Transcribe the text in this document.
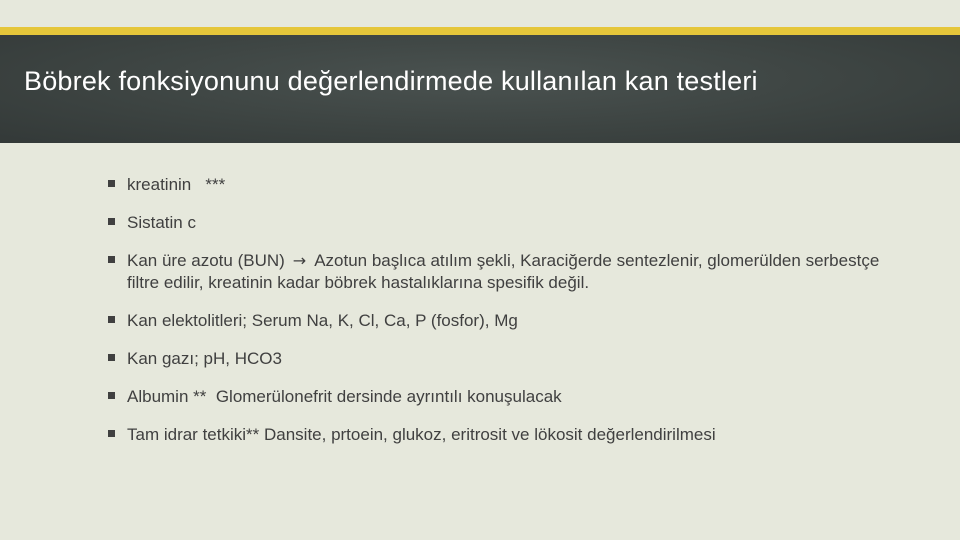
Böbrek fonksiyonunu değerlendirmede kullanılan kan testleri
kreatinin   ***
Sistatin c
Kan üre azotu (BUN) → Azotun başlıca atılım şekli, Karaciğerde sentezlenir, glomerülden serbestçe filtre edilir, kreatinin kadar böbrek hastalıklarına spesifik değil.
Kan elektolitleri; Serum Na, K, Cl, Ca, P (fosfor), Mg
Kan gazı; pH, HCO3
Albumin **  Glomerülonefrit dersinde ayrıntılı konuşulacak
Tam idrar tetkiki** Dansite, prtoein, glukoz, eritrosit ve lökosit değerlendirilmesi
